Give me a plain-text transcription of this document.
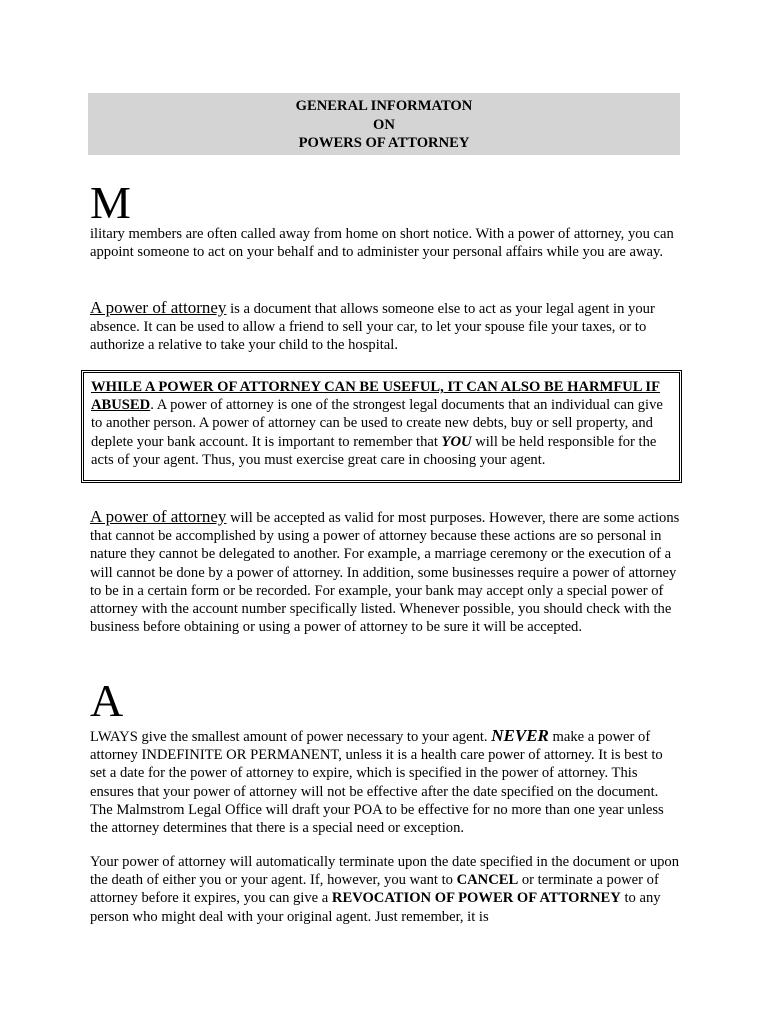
GENERAL INFORMATON
ON
POWERS OF ATTORNEY
M

ilitary members are often called away from home on short notice. With a power of attorney, you can appoint someone to act on your behalf and to administer your personal affairs while you are away.

A power of attorney is a document that allows someone else to act as your legal agent in your absence. It can be used to allow a friend to sell your car, to let your spouse file your taxes, or to authorize a relative to take your child to the hospital.

WHILE A POWER OF ATTORNEY CAN BE USEFUL, IT CAN ALSO BE HARMFUL IF ABUSED. A power of attorney is one of the strongest legal documents that an individual can give to another person. A power of attorney can be used to create new debts, buy or sell property, and deplete your bank account. It is important to remember that YOU will be held responsible for the acts of your agent. Thus, you must exercise great care in choosing your agent.

A power of attorney will be accepted as valid for most purposes. However, there are some actions that cannot be accomplished by using a power of attorney because these actions are so personal in nature they cannot be delegated to another. For example, a marriage ceremony or the execution of a will cannot be done by a power of attorney. In addition, some businesses require a power of attorney to be in a certain form or be recorded. For example, your bank may accept only a special power of attorney with the account number specifically listed. Whenever possible, you should check with the business before obtaining or using a power of attorney to be sure it will be accepted.

A

LWAYS give the smallest amount of power necessary to your agent. NEVER make a power of attorney INDEFINITE OR PERMANENT, unless it is a health care power of attorney. It is best to set a date for the power of attorney to expire, which is specified in the power of attorney. This ensures that your power of attorney will not be effective after the date specified on the document. The Malmstrom Legal Office will draft your POA to be effective for no more than one year unless the attorney determines that there is a special need or exception.

Your power of attorney will automatically terminate upon the date specified in the document or upon the death of either you or your agent. If, however, you want to CANCEL or terminate a power of attorney before it expires, you can give a REVOCATION OF POWER OF ATTORNEY to any person who might deal with your original agent. Just remember, it is
